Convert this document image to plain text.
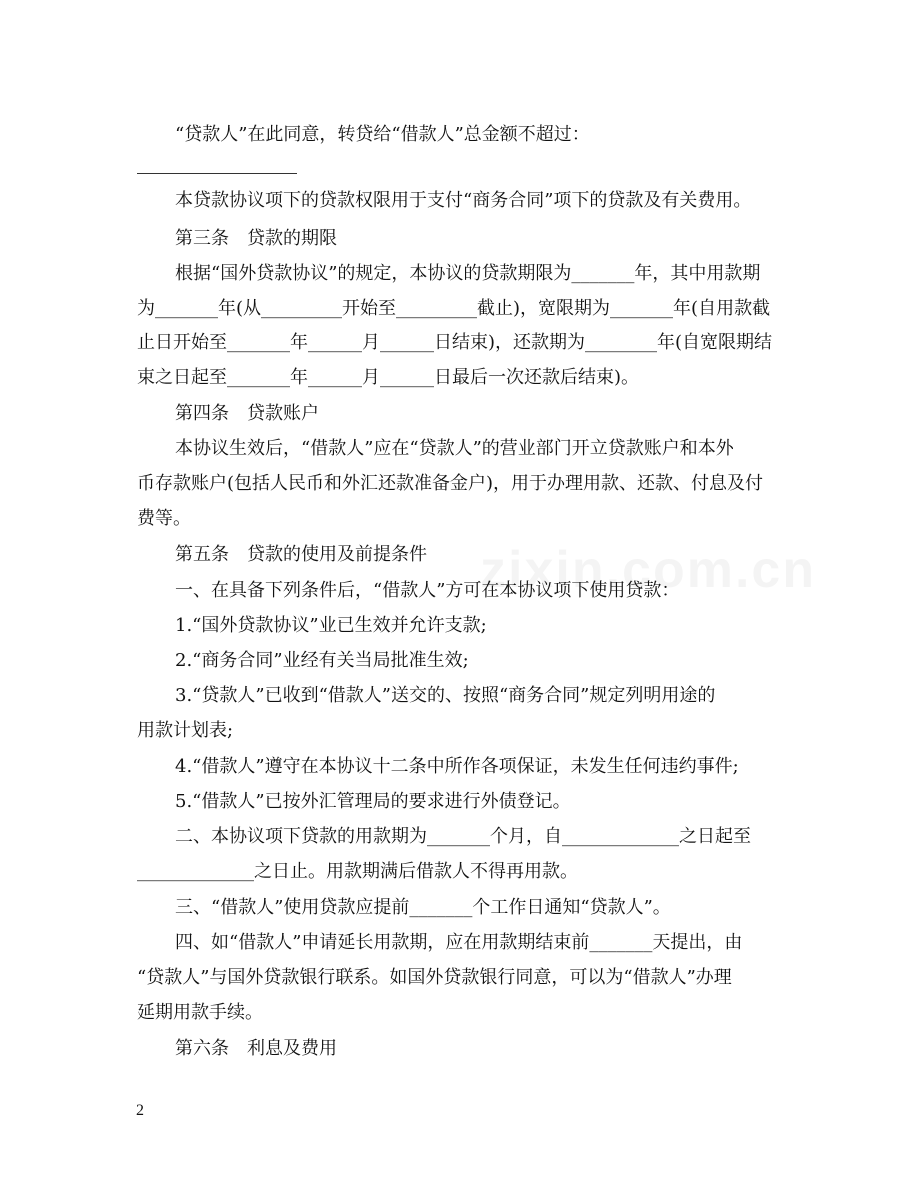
“贷款人”在此同意，转贷给“借款人”总金额不超过：
本贷款协议项下的贷款权限用于支付“商务合同”项下的贷款及有关费用。
第三条　贷款的期限
根据“国外贷款协议”的规定，本协议的贷款期限为_______年，其中用款期
为_______年(从_________开始至_________截止)，宽限期为_______年(自用款截
止日开始至_______年______月______日结束)，还款期为________年(自宽限期结
束之日起至_______年______月______日最后一次还款后结束)。
第四条　贷款账户
本协议生效后，“借款人”应在“贷款人”的营业部门开立贷款账户和本外
币存款账户(包括人民币和外汇还款准备金户)，用于办理用款、还款、付息及付
费等。
第五条　贷款的使用及前提条件
一、在具备下列条件后，“借款人”方可在本协议项下使用贷款：
1.“国外贷款协议”业已生效并允许支款;
2.“商务合同”业经有关当局批准生效;
3.“贷款人”已收到“借款人”送交的、按照“商务合同”规定列明用途的
用款计划表;
4.“借款人”遵守在本协议十二条中所作各项保证，未发生任何违约事件;
5.“借款人”已按外汇管理局的要求进行外债登记。
二、本协议项下贷款的用款期为_______个月，自_____________之日起至
_____________之日止。用款期满后借款人不得再用款。
三、“借款人”使用贷款应提前_______个工作日通知“贷款人”。
四、如“借款人”申请延长用款期，应在用款期结束前_______天提出，由
“贷款人”与国外贷款银行联系。如国外贷款银行同意，可以为“借款人”办理
延期用款手续。
第六条　利息及费用
2
